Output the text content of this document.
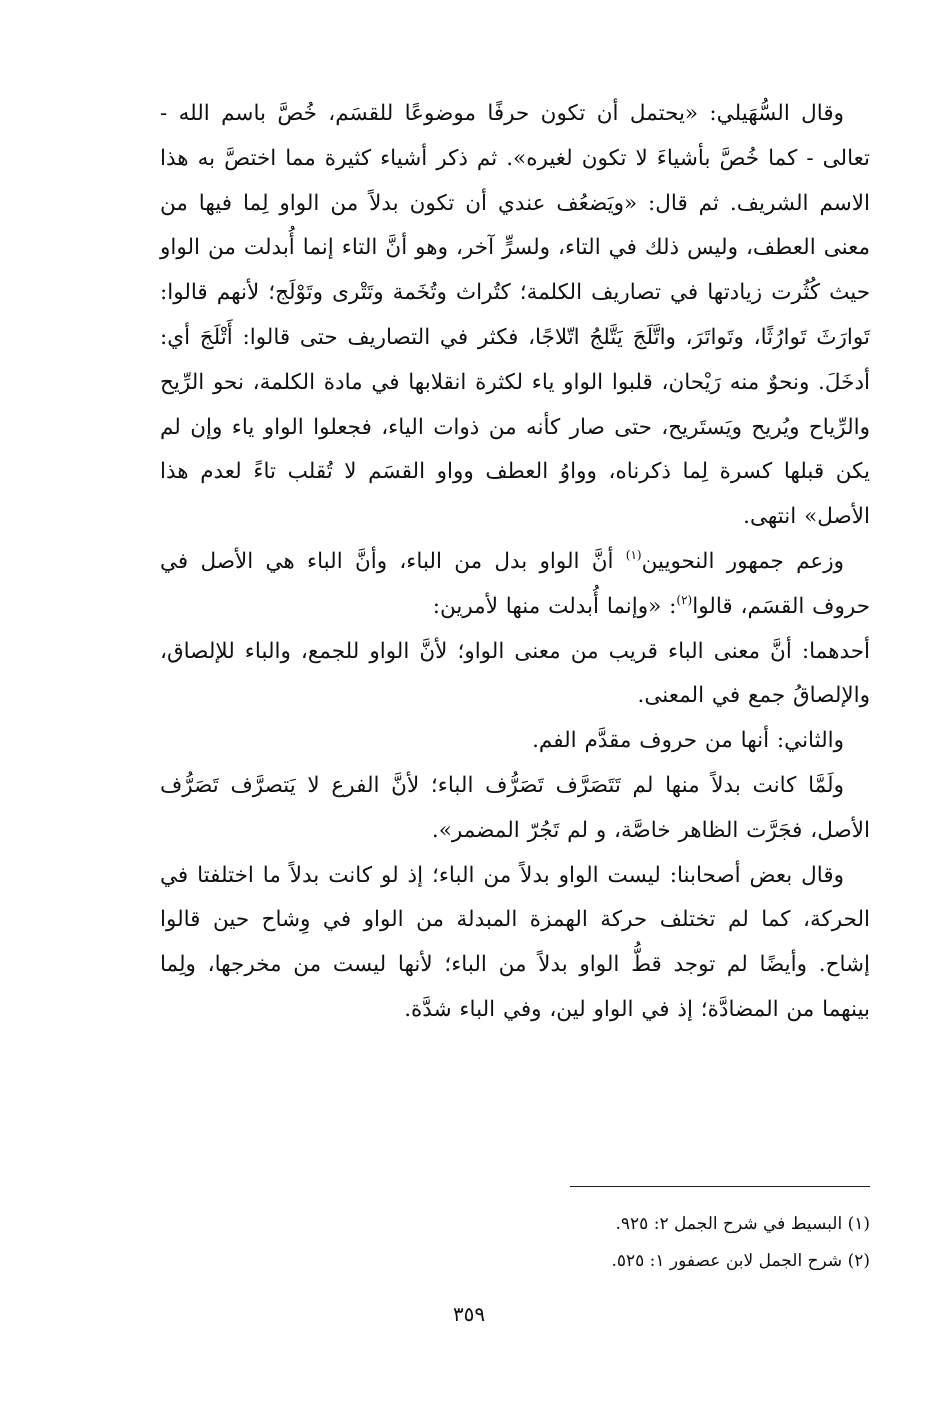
وقال السُّهَيلي: «يحتمل أن تكون حرفًا موضوعًا للقسَم، خُصَّ باسم الله - تعالى - كما خُصَّ بأشياءَ لا تكون لغيره». ثم ذكر أشياء كثيرة مما اختصَّ به هذا الاسم الشريف. ثم قال: «ويَضعُف عندي أن تكون بدلاً من الواو لِما فيها من معنى العطف، وليس ذلك في التاء، ولسرٍّ آخر، وهو أنَّ التاء إنما أُبدلت من الواو حيث كُثُرت زيادتها في تصاريف الكلمة؛ كتُراث وتُخَمة وتَتْرى وتَوْلَج؛ لأنهم قالوا: تَوارَثَ تَوارُثًا، وتَواتَرَ، واتَّلَجَ يَتَّلجُ اتّلاجًا، فكثر في التصاريف حتى قالوا: أَتْلَجَ أي: أدخَلَ. ونحوٌ منه رَيْحان، قلبوا الواو ياء لكثرة انقلابها في مادة الكلمة، نحو الرِّيح والرِّياح ويُريح ويَستَريح، حتى صار كأنه من ذوات الياء، فجعلوا الواو ياء وإن لم يكن قبلها كسرة لِما ذكرناه، وواوُ العطف وواو القسَم لا تُقلب تاءً لعدم هذا الأصل» انتهى.

وزعم جمهور النحويين$^{(١)}$ أنَّ الواو بدل من الباء، وأنَّ الباء هي الأصل في حروف القسَم، قالوا$^{(٢)}$: «وإنما أُبدلت منها لأمرين:

أحدهما: أنَّ معنى الباء قريب من معنى الواو؛ لأنَّ الواو للجمع، والباء للإلصاق، والإلصاقُ جمع في المعنى.

والثاني: أنها من حروف مقدَّم الفم.

ولَمَّا كانت بدلاً منها لم تَتَصَرَّف تَصَرُّف الباء؛ لأنَّ الفرع لا يَتصرَّف تَصَرُّف الأصل، فجَرَّت الظاهر خاصَّة، و لم تَجُرّ المضمر».

وقال بعض أصحابنا: ليست الواو بدلاً من الباء؛ إذ لو كانت بدلاً ما اختلفتا في الحركة، كما لم تختلف حركة الهمزة المبدلة من الواو في وِشاح حين قالوا إشاح. وأيضًا لم توجد قطُّ الواو بدلاً من الباء؛ لأنها ليست من مخرجها، ولِما بينهما من المضادَّة؛ إذ في الواو لين، وفي الباء شدَّة.

(١) البسيط في شرح الجمل ٢: ٩٢٥.

(٢) شرح الجمل لابن عصفور ١: ٥٢٥.

٣٥٩
